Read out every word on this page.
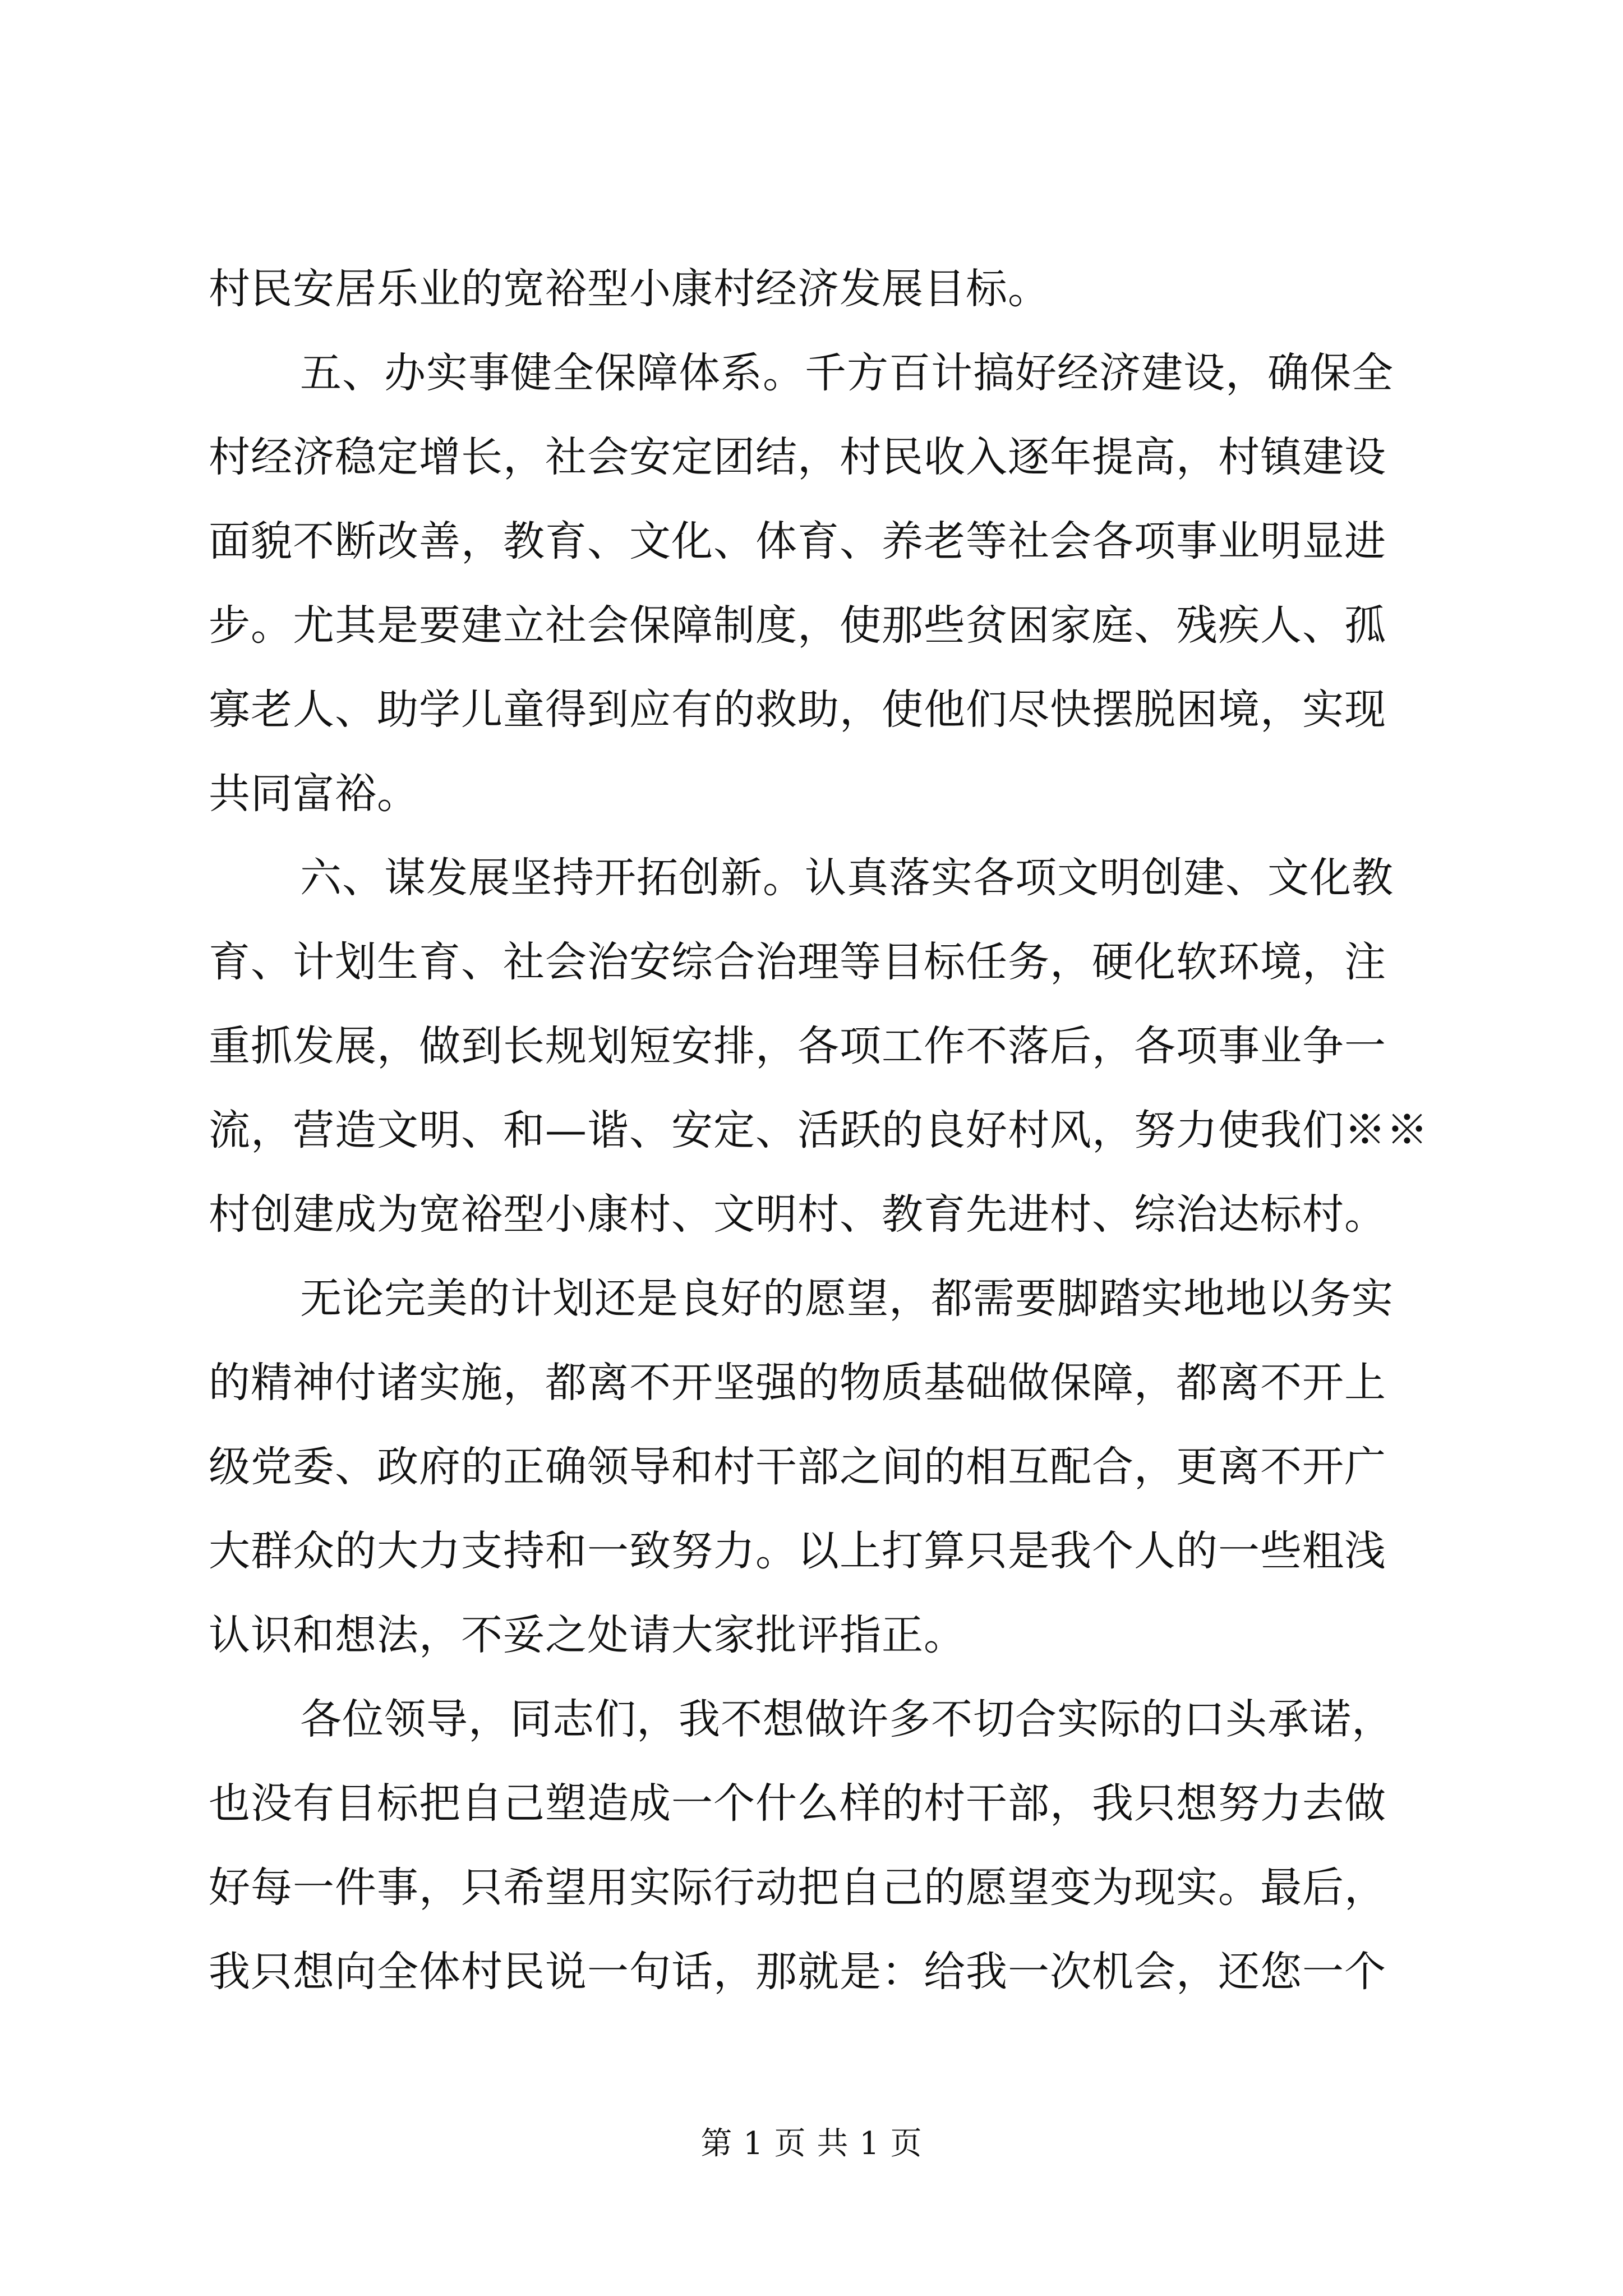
村民安居乐业的宽裕型小康村经济发展目标。
五、办实事健全保障体系。千方百计搞好经济建设，确保全
村经济稳定增长，社会安定团结，村民收入逐年提高，村镇建设
面貌不断改善，教育、文化、体育、养老等社会各项事业明显进
步。尤其是要建立社会保障制度，使那些贫困家庭、残疾人、孤
寡老人、助学儿童得到应有的救助，使他们尽快摆脱困境，实现
共同富裕。
六、谋发展坚持开拓创新。认真落实各项文明创建、文化教
育、计划生育、社会治安综合治理等目标任务，硬化软环境，注
重抓发展，做到长规划短安排，各项工作不落后，各项事业争一
流，营造文明、和—谐、安定、活跃的良好村风，努力使我们※※
村创建成为宽裕型小康村、文明村、教育先进村、综治达标村。
无论完美的计划还是良好的愿望，都需要脚踏实地地以务实
的精神付诸实施，都离不开坚强的物质基础做保障，都离不开上
级党委、政府的正确领导和村干部之间的相互配合，更离不开广
大群众的大力支持和一致努力。以上打算只是我个人的一些粗浅
认识和想法，不妥之处请大家批评指正。
各位领导，同志们，我不想做许多不切合实际的口头承诺，
也没有目标把自己塑造成一个什么样的村干部，我只想努力去做
好每一件事，只希望用实际行动把自己的愿望变为现实。最后，
我只想向全体村民说一句话，那就是：给我一次机会，还您一个
第 1 页 共 1 页
